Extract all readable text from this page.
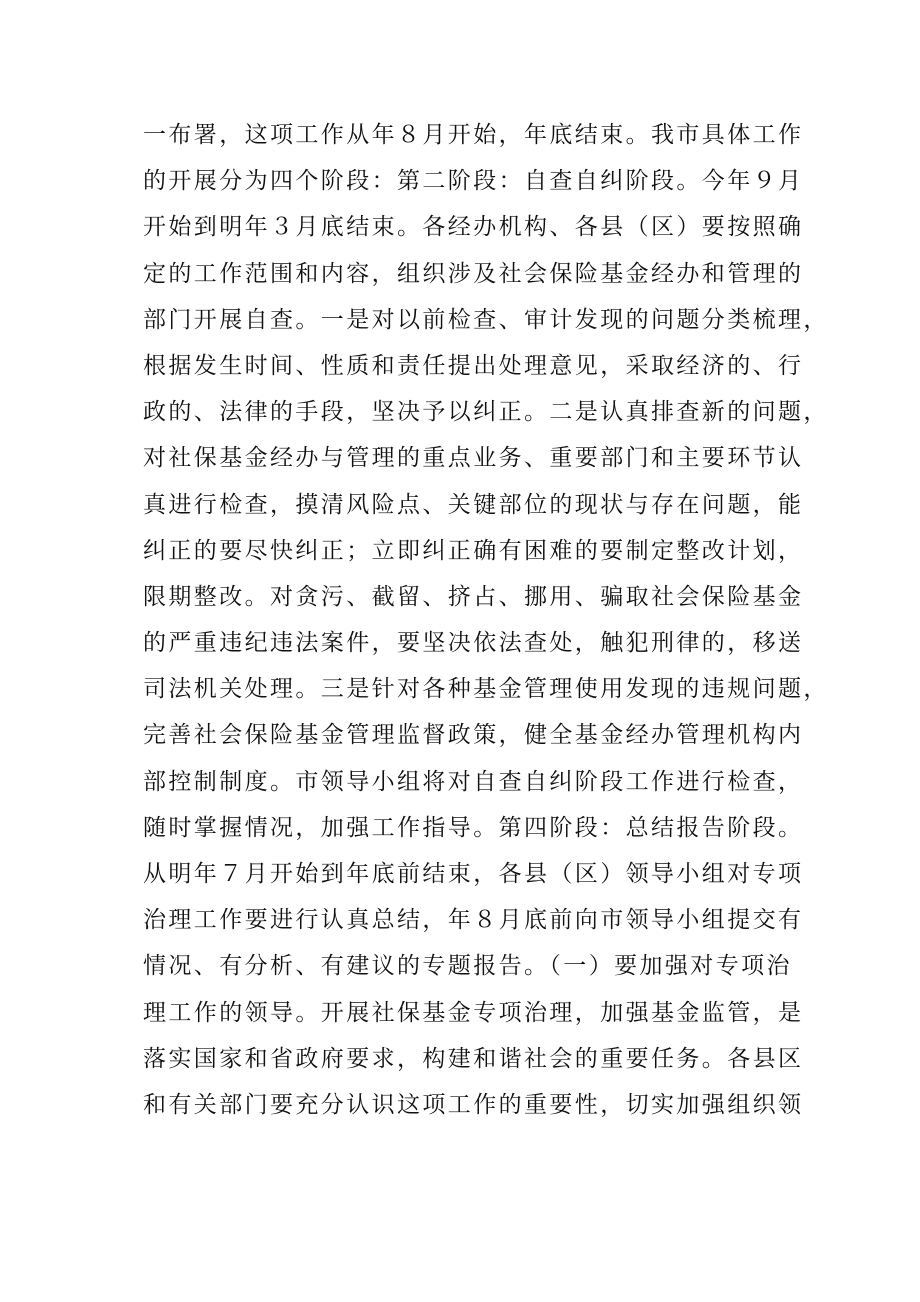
一布署，这项工作从年８月开始，年底结束。我市具体工作
的开展分为四个阶段：第二阶段：自查自纠阶段。今年９月
开始到明年３月底结束。各经办机构、各县（区）要按照确
定的工作范围和内容，组织涉及社会保险基金经办和管理的
部门开展自查。一是对以前检查、审计发现的问题分类梳理，
根据发生时间、性质和责任提出处理意见，采取经济的、行
政的、法律的手段，坚决予以纠正。二是认真排查新的问题，
对社保基金经办与管理的重点业务、重要部门和主要环节认
真进行检查，摸清风险点、关键部位的现状与存在问题，能
纠正的要尽快纠正；立即纠正确有困难的要制定整改计划，
限期整改。对贪污、截留、挤占、挪用、骗取社会保险基金
的严重违纪违法案件，要坚决依法查处，触犯刑律的，移送
司法机关处理。三是针对各种基金管理使用发现的违规问题，
完善社会保险基金管理监督政策，健全基金经办管理机构内
部控制制度。市领导小组将对自查自纠阶段工作进行检查，
随时掌握情况，加强工作指导。第四阶段：总结报告阶段。
从明年７月开始到年底前结束，各县（区）领导小组对专项
治理工作要进行认真总结，年８月底前向市领导小组提交有
情况、有分析、有建议的专题报告。（一）要加强对专项治
理工作的领导。开展社保基金专项治理，加强基金监管，是
落实国家和省政府要求，构建和谐社会的重要任务。各县区
和有关部门要充分认识这项工作的重要性，切实加强组织领
